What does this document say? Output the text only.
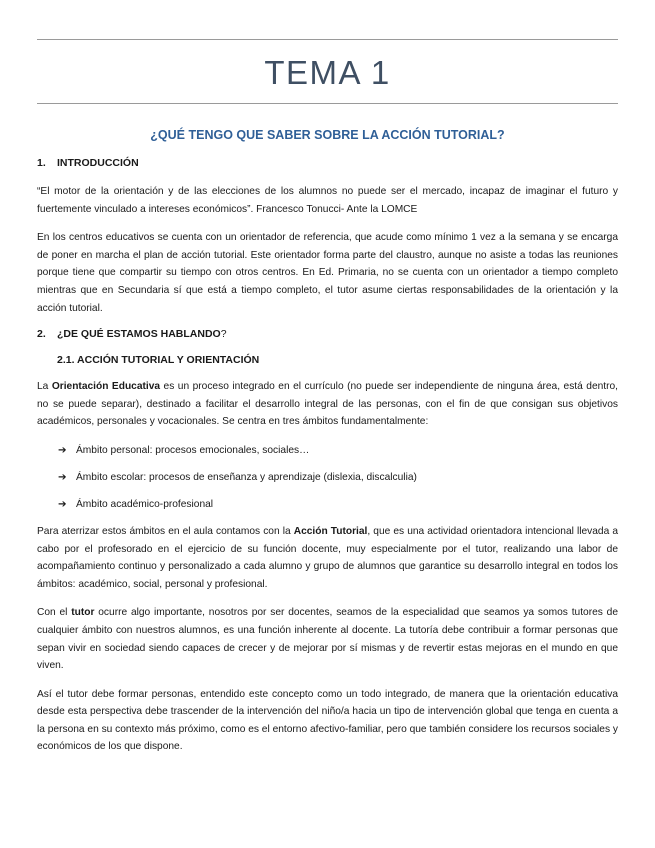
TEMA 1
¿QUÉ TENGO QUE SABER SOBRE LA ACCIÓN TUTORIAL?
1. INTRODUCCIÓN
“El motor de la orientación y de las elecciones de los alumnos no puede ser el mercado, incapaz de imaginar el futuro y fuertemente vinculado a intereses económicos”. Francesco Tonucci- Ante la LOMCE
En los centros educativos se cuenta con un orientador de referencia, que acude como mínimo 1 vez a la semana y se encarga de poner en marcha el plan de acción tutorial. Este orientador forma parte del claustro, aunque no asiste a todas las reuniones porque tiene que compartir su tiempo con otros centros. En Ed. Primaria, no se cuenta con un orientador a tiempo completo mientras que en Secundaria sí que está a tiempo completo, el tutor asume ciertas responsabilidades de la orientación y la acción tutorial.
2. ¿DE QUÉ ESTAMOS HABLANDO?
2.1. ACCIÓN TUTORIAL Y ORIENTACIÓN
La Orientación Educativa es un proceso integrado en el currículo (no puede ser independiente de ninguna área, está dentro, no se puede separar), destinado a facilitar el desarrollo integral de las personas, con el fin de que consigan sus objetivos académicos, personales y vocacionales. Se centra en tres ámbitos fundamentalmente:
➔ Ámbito personal: procesos emocionales, sociales…
➔ Ámbito escolar: procesos de enseñanza y aprendizaje (dislexia, discalculia)
➔ Ámbito académico-profesional
Para aterrizar estos ámbitos en el aula contamos con la Acción Tutorial, que es una actividad orientadora intencional llevada a cabo por el profesorado en el ejercicio de su función docente, muy especialmente por el tutor, realizando una labor de acompañamiento continuo y personalizado a cada alumno y grupo de alumnos que garantice su desarrollo integral en todos los ámbitos: académico, social, personal y profesional.
Con el tutor ocurre algo importante, nosotros por ser docentes, seamos de la especialidad que seamos ya somos tutores de cualquier ámbito con nuestros alumnos, es una función inherente al docente. La tutoría debe contribuir a formar personas que sepan vivir en sociedad siendo capaces de crecer y de mejorar por sí mismas y de revertir estas mejoras en el mundo en que viven.
Así el tutor debe formar personas, entendido este concepto como un todo integrado, de manera que la orientación educativa desde esta perspectiva debe trascender de la intervención del niño/a hacia un tipo de intervención global que tenga en cuenta a la persona en su contexto más próximo, como es el entorno afectivo-familiar, pero que también considere los recursos sociales y económicos de los que dispone.
